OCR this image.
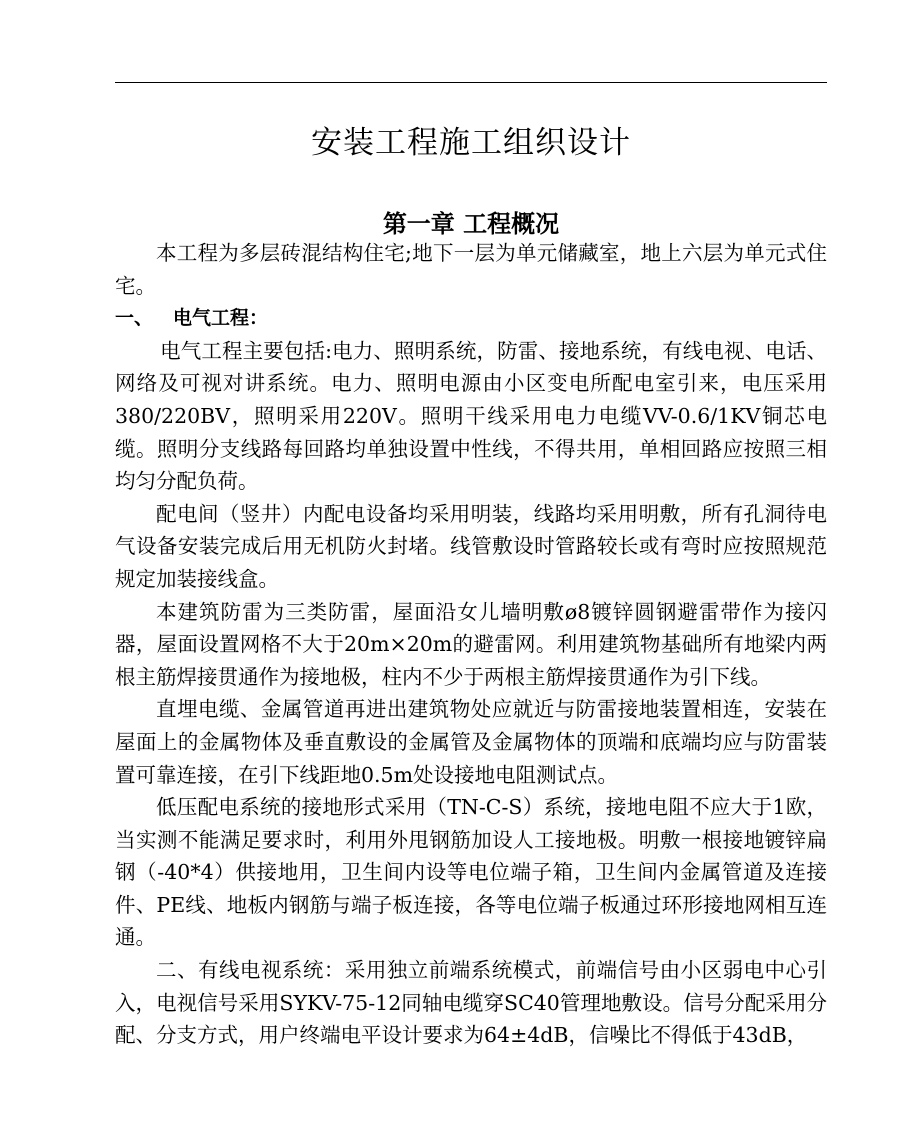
安装工程施工组织设计
第一章 工程概况

本工程为多层砖混结构住宅;地下一层为单元储藏室，地上六层为单元式住宅。

一、 电气工程：

电气工程主要包括:电力、照明系统，防雷、接地系统，有线电视、电话、网络及可视对讲系统。电力、照明电源由小区变电所配电室引来，电压采用380/220BV，照明采用220V。照明干线采用电力电缆VV-0.6/1KV铜芯电缆。照明分支线路每回路均单独设置中性线，不得共用，单相回路应按照三相均匀分配负荷。

配电间（竖井）内配电设备均采用明装，线路均采用明敷，所有孔洞待电气设备安装完成后用无机防火封堵。线管敷设时管路较长或有弯时应按照规范规定加装接线盒。

本建筑防雷为三类防雷，屋面沿女儿墙明敷ø8镀锌圆钢避雷带作为接闪器，屋面设置网格不大于20m×20m的避雷网。利用建筑物基础所有地梁内两根主筋焊接贯通作为接地极，柱内不少于两根主筋焊接贯通作为引下线。

直埋电缆、金属管道再进出建筑物处应就近与防雷接地装置相连，安装在屋面上的金属物体及垂直敷设的金属管及金属物体的顶端和底端均应与防雷装置可靠连接，在引下线距地0.5m处设接地电阻测试点。

低压配电系统的接地形式采用（TN-C-S）系统，接地电阻不应大于1欧，当实测不能满足要求时，利用外甩钢筋加设人工接地极。明敷一根接地镀锌扁钢（-40*4）供接地用，卫生间内设等电位端子箱，卫生间内金属管道及连接件、PE线、地板内钢筋与端子板连接，各等电位端子板通过环形接地网相互连通。

二、有线电视系统：采用独立前端系统模式，前端信号由小区弱电中心引入，电视信号采用SYKV-75-12同轴电缆穿SC40管理地敷设。信号分配采用分配、分支方式，用户终端电平设计要求为64±4dB，信噪比不得低于43dB，
